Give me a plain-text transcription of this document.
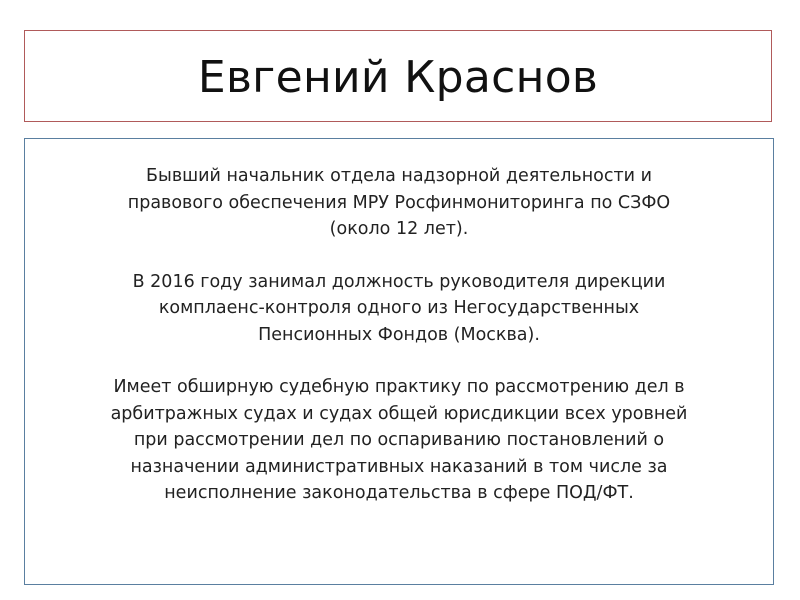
Евгений Краснов

Бывший начальник отдела надзорной деятельности и
правового обеспечения МРУ Росфинмониторинга по СЗФО
(около 12 лет).

В 2016 году занимал должность руководителя дирекции
комплаенс-контроля одного из Негосударственных
Пенсионных Фондов (Москва).

Имеет обширную судебную практику по рассмотрению дел в
арбитражных судах и судах общей юрисдикции всех уровней
при рассмотрении дел по оспариванию постановлений о
назначении административных наказаний в том числе за
неисполнение законодательства в сфере ПОД/ФТ.
